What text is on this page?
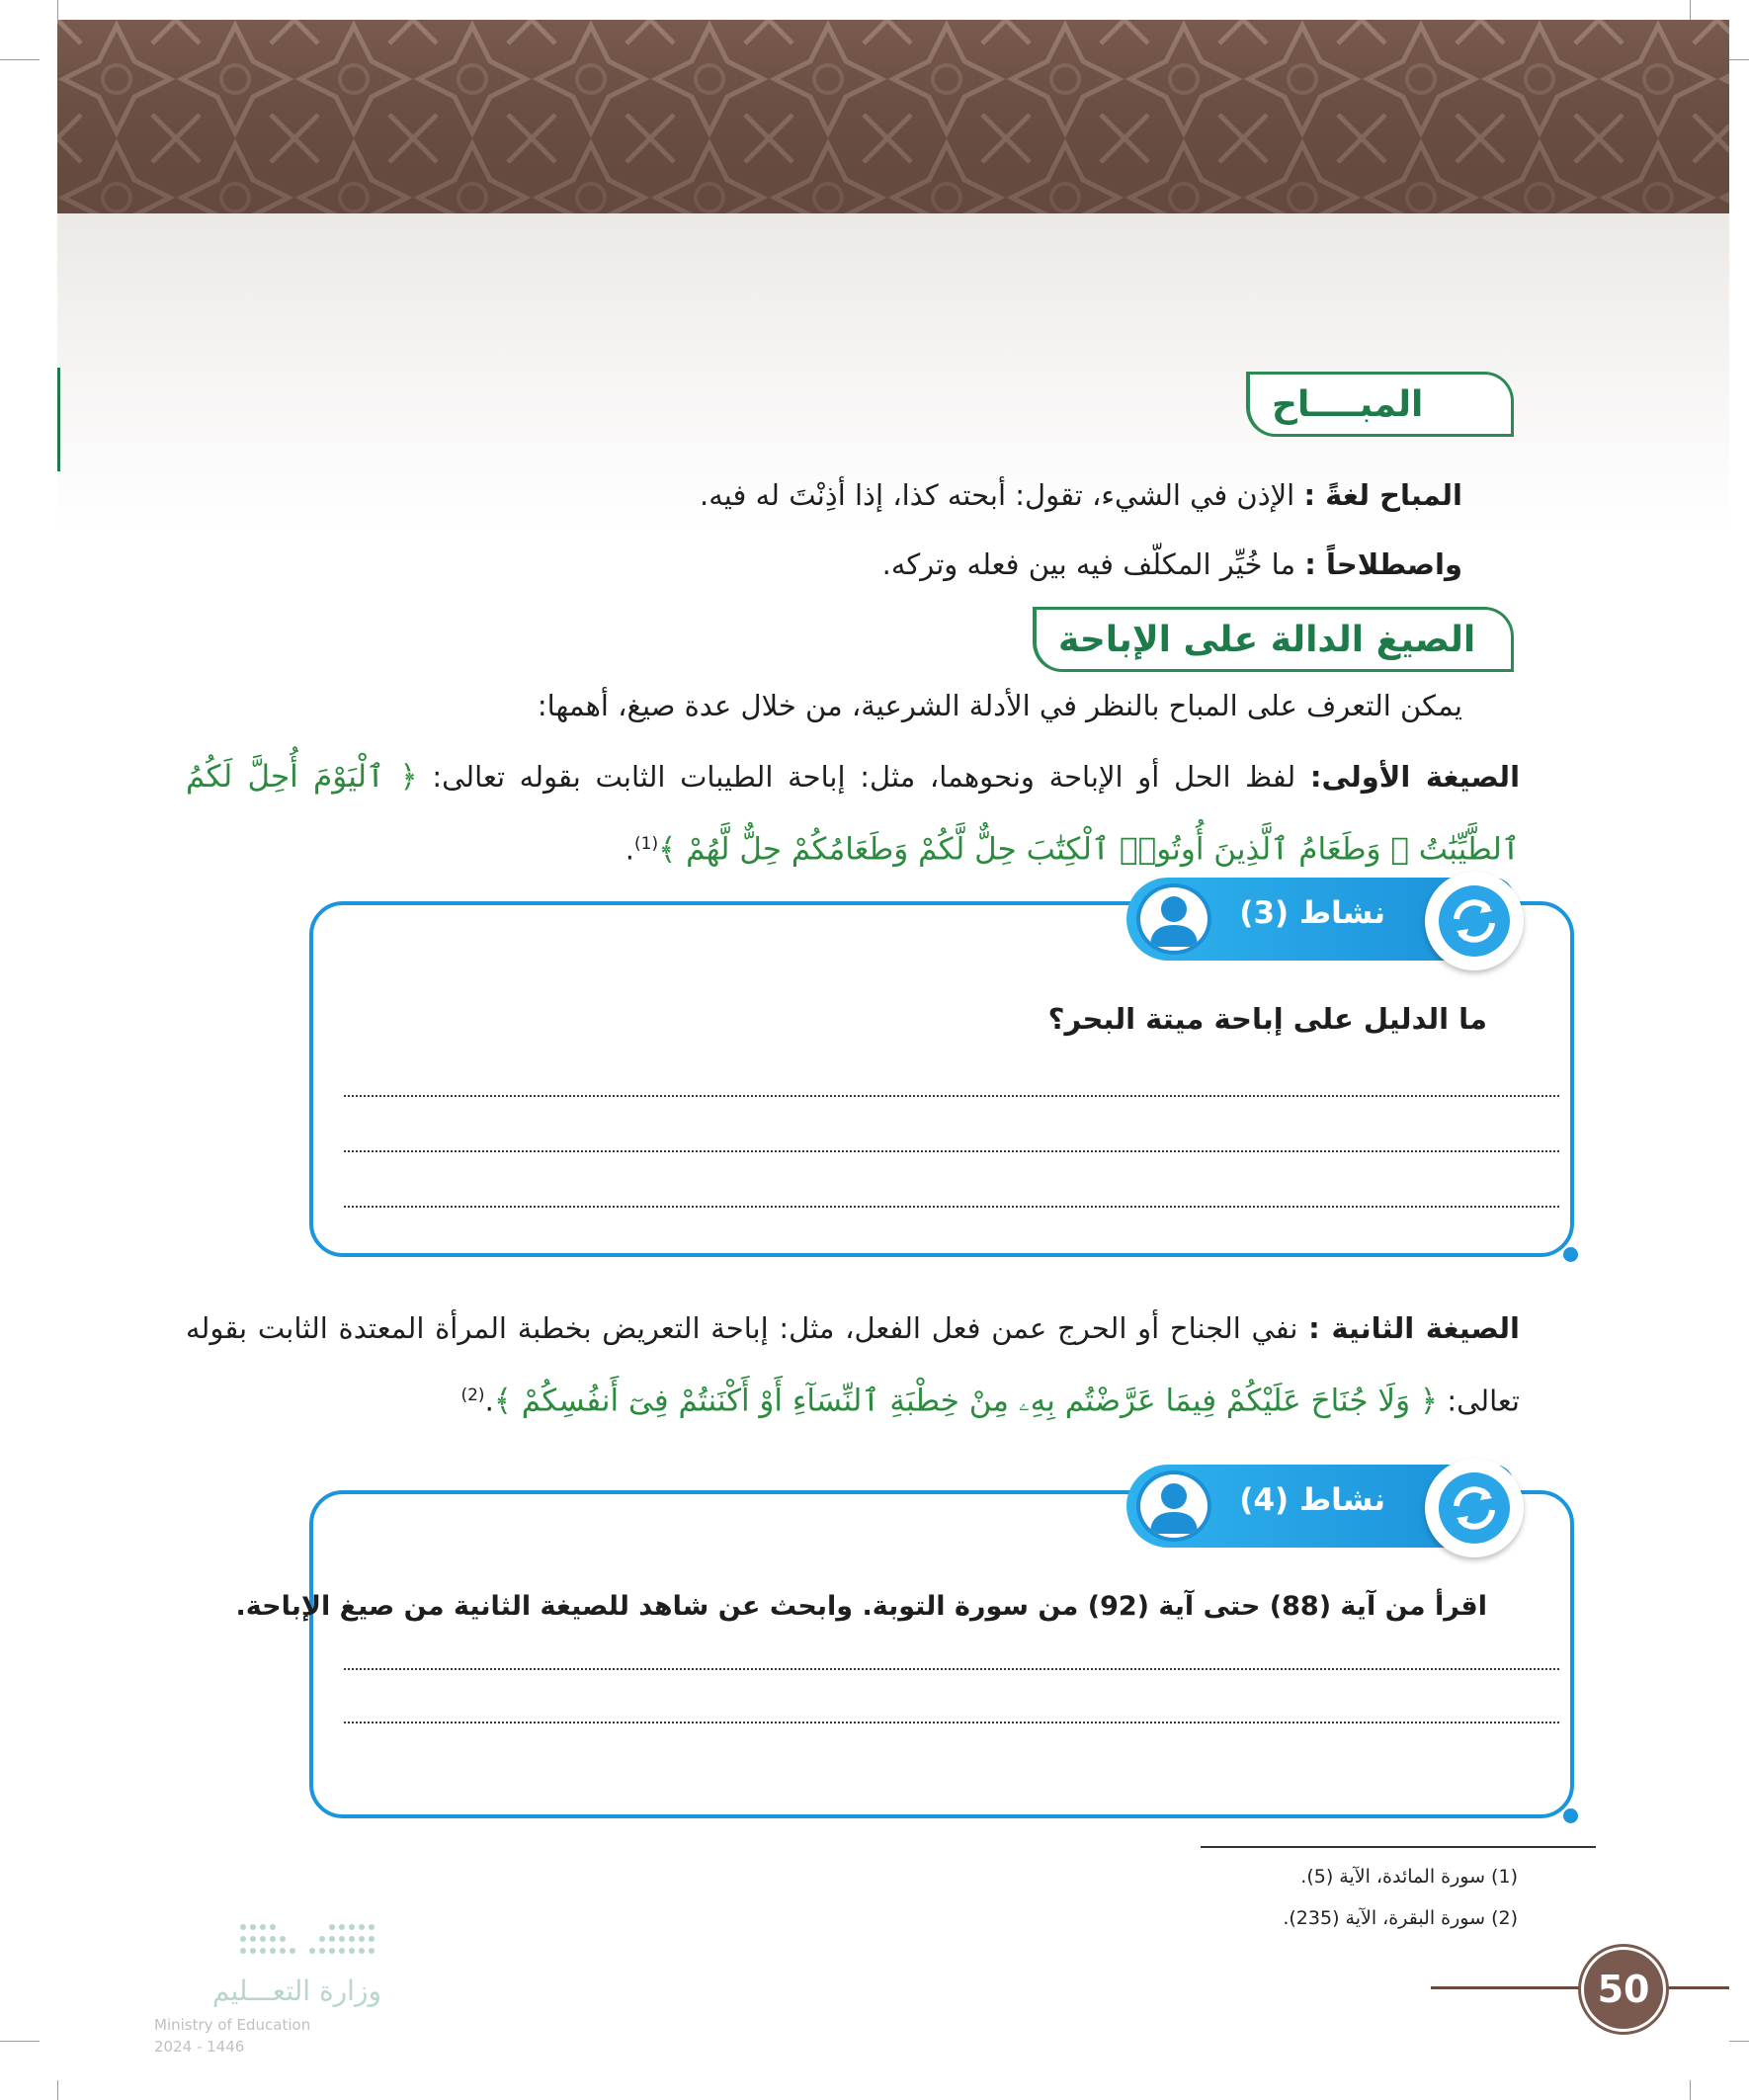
المبــــاح
المباح لغةً : الإذن في الشيء، تقول: أبحته كذا، إذا أذِنْتَ له فيه.
واصطلاحاً : ما خُيِّر المكلّف فيه بين فعله وتركه.
الصيغ الدالة على الإباحة
يمكن التعرف على المباح بالنظر في الأدلة الشرعية، من خلال عدة صيغ، أهمها:
الصيغة الأولى: لفظ الحل أو الإباحة ونحوهما، مثل: إباحة الطيبات الثابت بقوله تعالى: ﴿ ٱلْيَوْمَ أُحِلَّ لَكُمُ ٱلطَّيِّبَٰتُ ۖ وَطَعَامُ ٱلَّذِينَ أُوتُوا۟ ٱلْكِتَٰبَ حِلٌّ لَّكُمْ وَطَعَامُكُمْ حِلٌّ لَّهُمْ ﴾$^{(1)}$.
نشاط (3)
ما الدليل على إباحة ميتة البحر؟
الصيغة الثانية : نفي الجناح أو الحرج عمن فعل الفعل، مثل: إباحة التعريض بخطبة المرأة المعتدة الثابت بقوله تعالى: ﴿ وَلَا جُنَاحَ عَلَيْكُمْ فِيمَا عَرَّضْتُم بِهِۦ مِنْ خِطْبَةِ ٱلنِّسَآءِ أَوْ أَكْنَنتُمْ فِىٓ أَنفُسِكُمْ ﴾.$^{(2)}$
نشاط (4)
اقرأ من آية (88) حتى آية (92) من سورة التوبة. وابحث عن شاهد للصيغة الثانية من صيغ الإباحة.
(1) سورة المائدة، الآية (5).
(2) سورة البقرة، الآية (235).
50
وزارة التعـــليم
Ministry of Education
2024 - 1446
